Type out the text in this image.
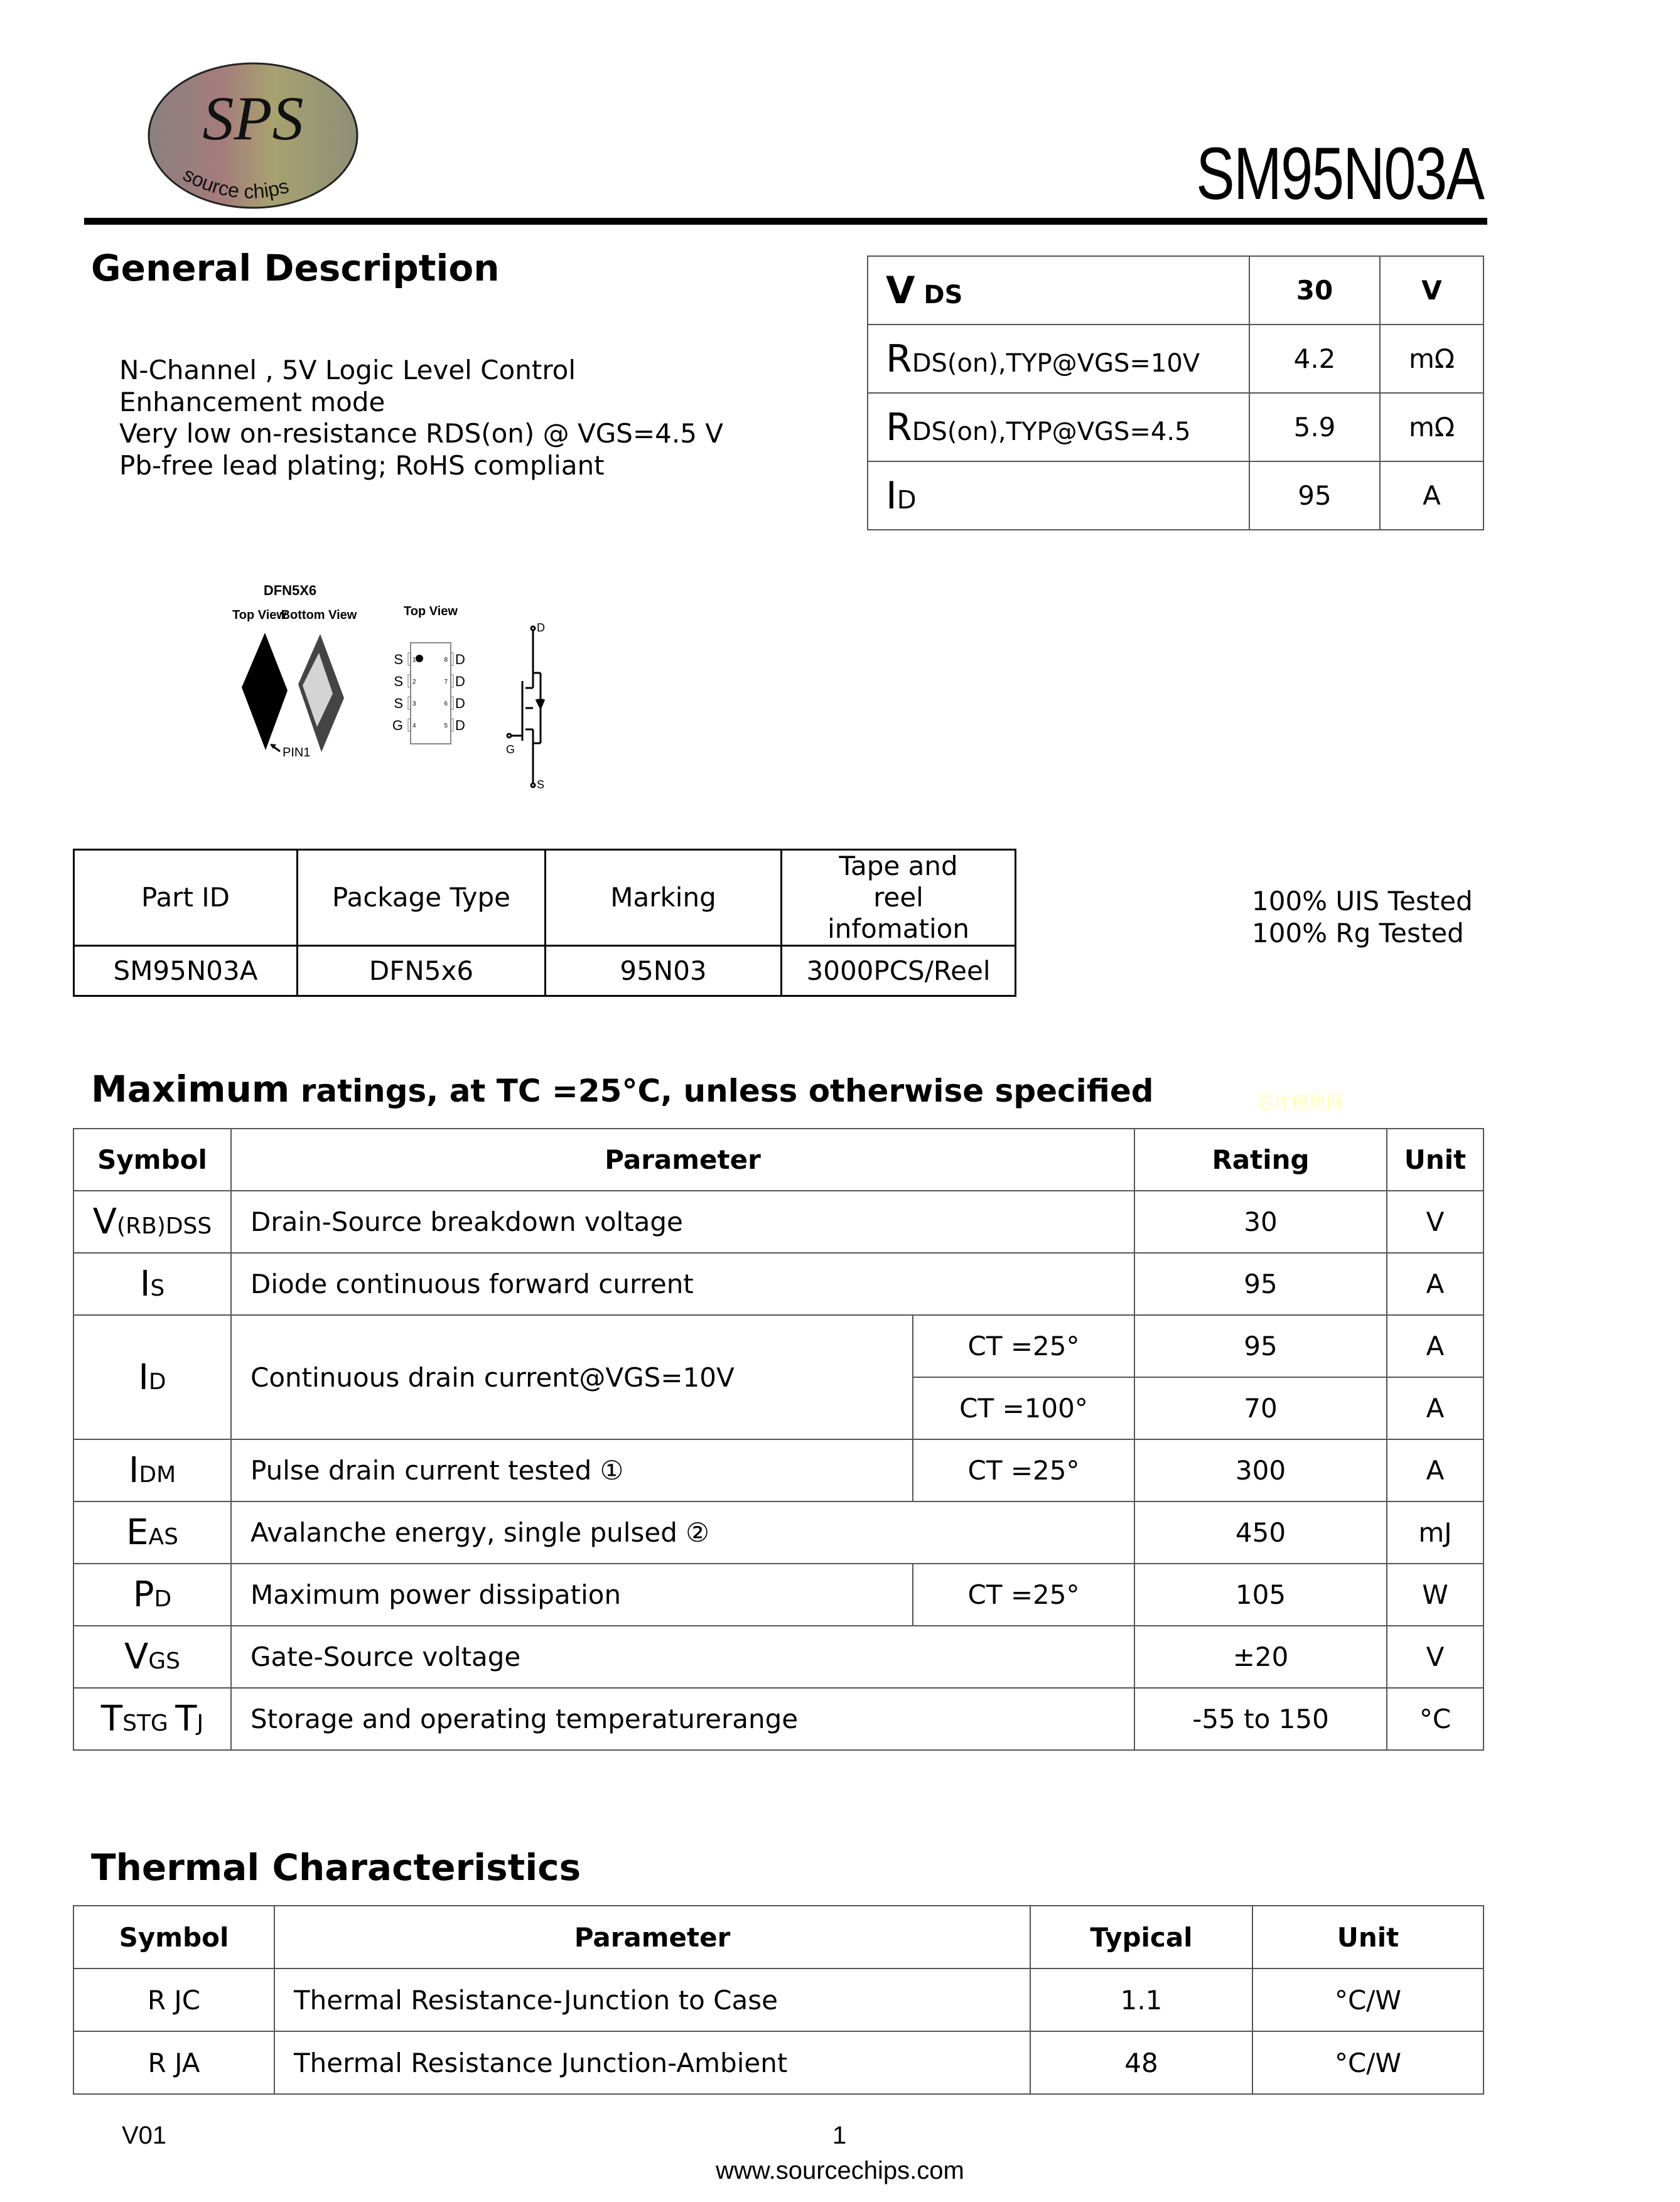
SPS
source chips	SM95N03A
General Description
N-Channel , 5V Logic Level Control
Enhancement mode
Very low on-resistance RDS(on) @ VGS=4.5 V
Pb-free lead plating; RoHS compliant
V DS	30	V
RDS(on),TYP@VGS=10V	4.2	mΩ
RDS(on),TYP@VGS=4.5	5.9	mΩ
ID	95	A
DFN5X6
Top View
Bottom View
PIN1
Top View
S 1
S 2
S 3
G 4
D
8
D
7
D
6
D
5
D
G
S
Part ID	Package Type	Marking	Tape and reel infomation
SM95N03A	DFN5x6	95N03	3000PCS/Reel
100% UIS Tested
100% Rg Tested
Maximum ratings, at TC =25°C, unless otherwise specified	芯片模块网
Symbol	Parameter		Rating	Unit
V(RB)DSS	Drain-Source breakdown voltage		30	V
IS	Diode continuous forward current		95	A
ID	Continuous drain current@VGS=10V	CT =25°	95	A
		CT =100°	70	A
IDM	Pulse drain current tested ①	CT =25°	300	A
EAS	Avalanche energy, single pulsed ②		450	mJ
PD	Maximum power dissipation	CT =25°	105	W
VGS	Gate-Source voltage		±20	V
TSTG TJ	Storage and operating temperaturerange		-55 to 150	°C
Thermal Characteristics
Symbol	Parameter	Typical	Unit
R JC	Thermal Resistance-Junction to Case	1.1	°C/W
R JA	Thermal Resistance Junction-Ambient	48	°C/W
V01	1
www.sourcechips.com
